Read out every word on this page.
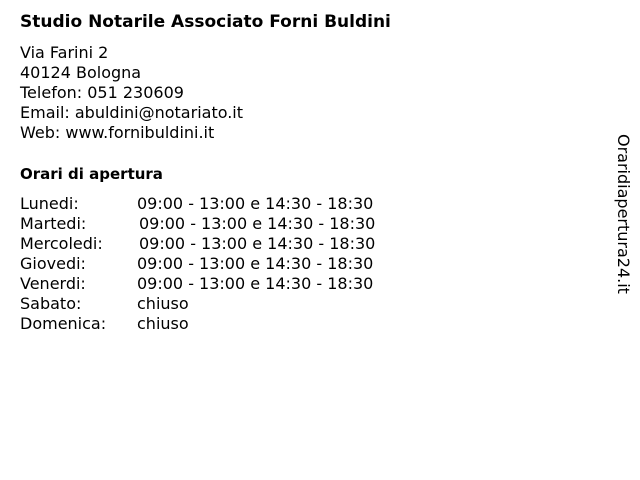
Studio Notarile Associato Forni Buldini
Via Farini 2
40124 Bologna
Telefon: 051 230609
Email: abuldini@notariato.it
Web: www.fornibuldini.it
Orari di apertura
Lunedi:	09:00 - 13:00 e 14:30 - 18:30
Martedi:	09:00 - 13:00 e 14:30 - 18:30
Mercoledi: 09:00 - 13:00 e 14:30 - 18:30
Giovedi:	09:00 - 13:00 e 14:30 - 18:30
Venerdi:	09:00 - 13:00 e 14:30 - 18:30
Sabato:	chiuso
Domenica: chiuso
Oraridiapertura24.it
